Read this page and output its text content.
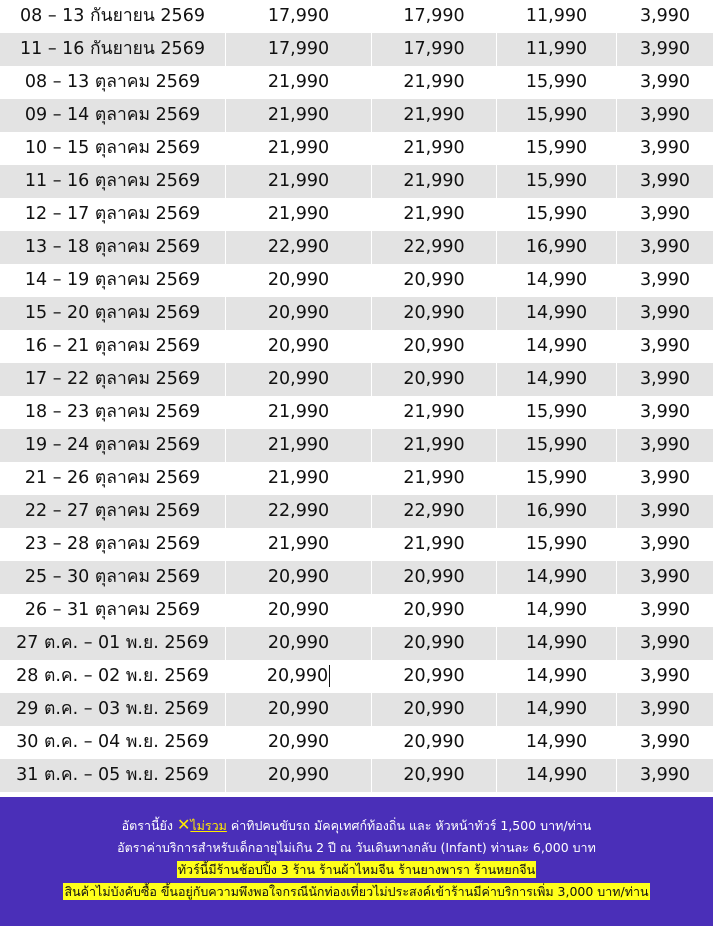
08 – 13 กันยายน 2569	17,990	17,990	11,990	3,990
11 – 16 กันยายน 2569	17,990	17,990	11,990	3,990
08 – 13 ตุลาคม 2569	21,990	21,990	15,990	3,990
09 – 14 ตุลาคม 2569	21,990	21,990	15,990	3,990
10 – 15 ตุลาคม 2569	21,990	21,990	15,990	3,990
11 – 16 ตุลาคม 2569	21,990	21,990	15,990	3,990
12 – 17 ตุลาคม 2569	21,990	21,990	15,990	3,990
13 – 18 ตุลาคม 2569	22,990	22,990	16,990	3,990
14 – 19 ตุลาคม 2569	20,990	20,990	14,990	3,990
15 – 20 ตุลาคม 2569	20,990	20,990	14,990	3,990
16 – 21 ตุลาคม 2569	20,990	20,990	14,990	3,990
17 – 22 ตุลาคม 2569	20,990	20,990	14,990	3,990
18 – 23 ตุลาคม 2569	21,990	21,990	15,990	3,990
19 – 24 ตุลาคม 2569	21,990	21,990	15,990	3,990
21 – 26 ตุลาคม 2569	21,990	21,990	15,990	3,990
22 – 27 ตุลาคม 2569	22,990	22,990	16,990	3,990
23 – 28 ตุลาคม 2569	21,990	21,990	15,990	3,990
25 – 30 ตุลาคม 2569	20,990	20,990	14,990	3,990
26 – 31 ตุลาคม 2569	20,990	20,990	14,990	3,990
27 ต.ค. – 01 พ.ย. 2569	20,990	20,990	14,990	3,990
28 ต.ค. – 02 พ.ย. 2569	20,990	20,990	14,990	3,990
29 ต.ค. – 03 พ.ย. 2569	20,990	20,990	14,990	3,990
30 ต.ค. – 04 พ.ย. 2569	20,990	20,990	14,990	3,990
31 ต.ค. – 05 พ.ย. 2569	20,990	20,990	14,990	3,990
อัตรานี้ยัง ✕ไม่รวม ค่าทิปคนขับรถ มัคคุเทศก์ท้องถิ่น และ หัวหน้าทัวร์ 1,500 บาท/ท่าน
อัตราค่าบริการสำหรับเด็กอายุไม่เกิน 2 ปี ณ วันเดินทางกลับ (Infant) ท่านละ 6,000 บาท
ทัวร์นี้มีร้านช้อปปิ้ง 3 ร้าน ร้านผ้าไหมจีน ร้านยางพารา ร้านหยกจีน
สินค้าไม่บังคับซื้อ ขึ้นอยู่กับความพึงพอใจกรณีนักท่องเที่ยวไม่ประสงค์เข้าร้านมีค่าบริการเพิ่ม 3,000 บาท/ท่าน
